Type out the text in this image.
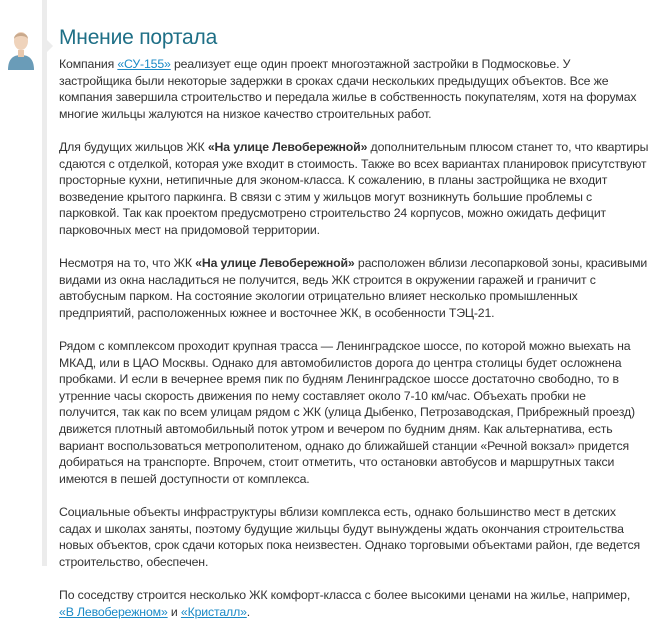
Мнение портала

Компания «СУ-155» реализует еще один проект многоэтажной застройки в Подмосковье. У
застройщика были некоторые задержки в сроках сдачи нескольких предыдущих объектов. Все же
компания завершила строительство и передала жилье в собственность покупателям, хотя на форумах
многие жильцы жалуются на низкое качество строительных работ.

Для будущих жильцов ЖК «На улице Левобережной» дополнительным плюсом станет то, что квартиры
сдаются с отделкой, которая уже входит в стоимость. Также во всех вариантах планировок присутствуют
просторные кухни, нетипичные для эконом-класса. К сожалению, в планы застройщика не входит
возведение крытого паркинга. В связи с этим у жильцов могут возникнуть большие проблемы с
парковкой. Так как проектом предусмотрено строительство 24 корпусов, можно ожидать дефицит
парковочных мест на придомовой территории.

Несмотря на то, что ЖК «На улице Левобережной» расположен вблизи лесопарковой зоны, красивыми
видами из окна насладиться не получится, ведь ЖК строится в окружении гаражей и граничит с
автобусным парком. На состояние экологии отрицательно влияет несколько промышленных
предприятий, расположенных южнее и восточнее ЖК, в особенности ТЭЦ-21.

Рядом с комплексом проходит крупная трасса — Ленинградское шоссе, по которой можно выехать на
МКАД, или в ЦАО Москвы. Однако для автомобилистов дорога до центра столицы будет осложнена
пробками. И если в вечернее время пик по будням Ленинградское шоссе достаточно свободно, то в
утренние часы скорость движения по нему составляет около 7-10 км/час. Объехать пробки не
получится, так как по всем улицам рядом с ЖК (улица Дыбенко, Петрозаводская, Прибрежный проезд)
движется плотный автомобильный поток утром и вечером по будним дням. Как альтернатива, есть
вариант воспользоваться метрополитеном, однако до ближайшей станции «Речной вокзал» придется
добираться на транспорте. Впрочем, стоит отметить, что остановки автобусов и маршрутных такси
имеются в пешей доступности от комплекса.

Социальные объекты инфраструктуры вблизи комплекса есть, однако большинство мест в детских
садах и школах заняты, поэтому будущие жильцы будут вынуждены ждать окончания строительства
новых объектов, срок сдачи которых пока неизвестен. Однако торговыми объектами район, где ведется
строительство, обеспечен.

По соседству строится несколько ЖК комфорт-класса с более высокими ценами на жилье, например,
«В Левобережном» и «Кристалл».
